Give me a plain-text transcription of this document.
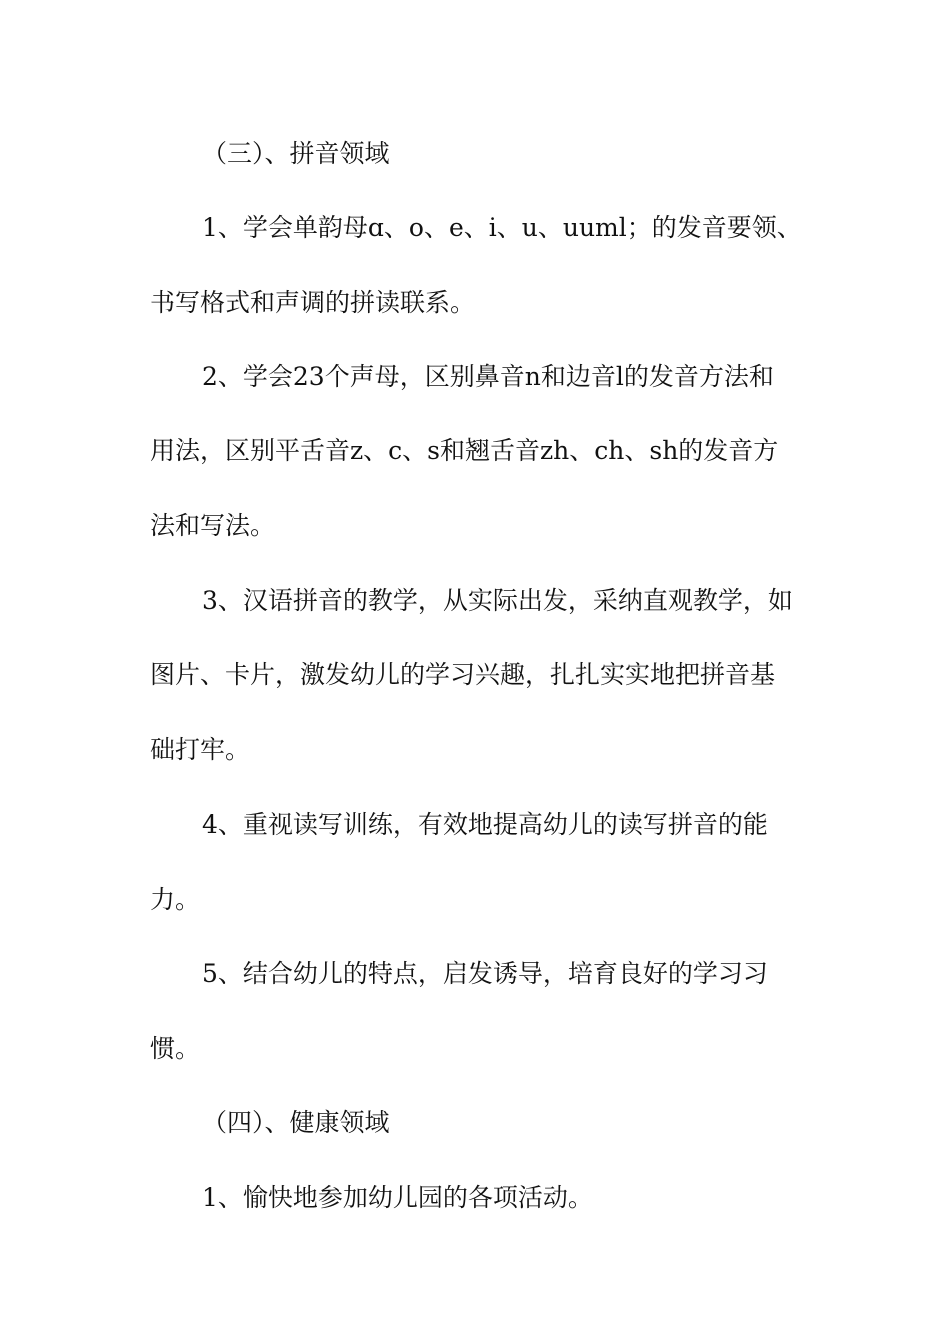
（三）、拼音领域
1、学会单韵母ɑ、o、e、i、u、uuml；的发音要领、
书写格式和声调的拼读联系。
2、学会23个声母，区别鼻音n和边音l的发音方法和
用法，区别平舌音z、c、s和翘舌音zh、ch、sh的发音方
法和写法。
3、汉语拼音的教学，从实际出发，采纳直观教学，如
图片、卡片，激发幼儿的学习兴趣，扎扎实实地把拼音基
础打牢。
4、重视读写训练，有效地提高幼儿的读写拼音的能
力。
5、结合幼儿的特点，启发诱导，培育良好的学习习
惯。
（四）、健康领域
1、愉快地参加幼儿园的各项活动。
